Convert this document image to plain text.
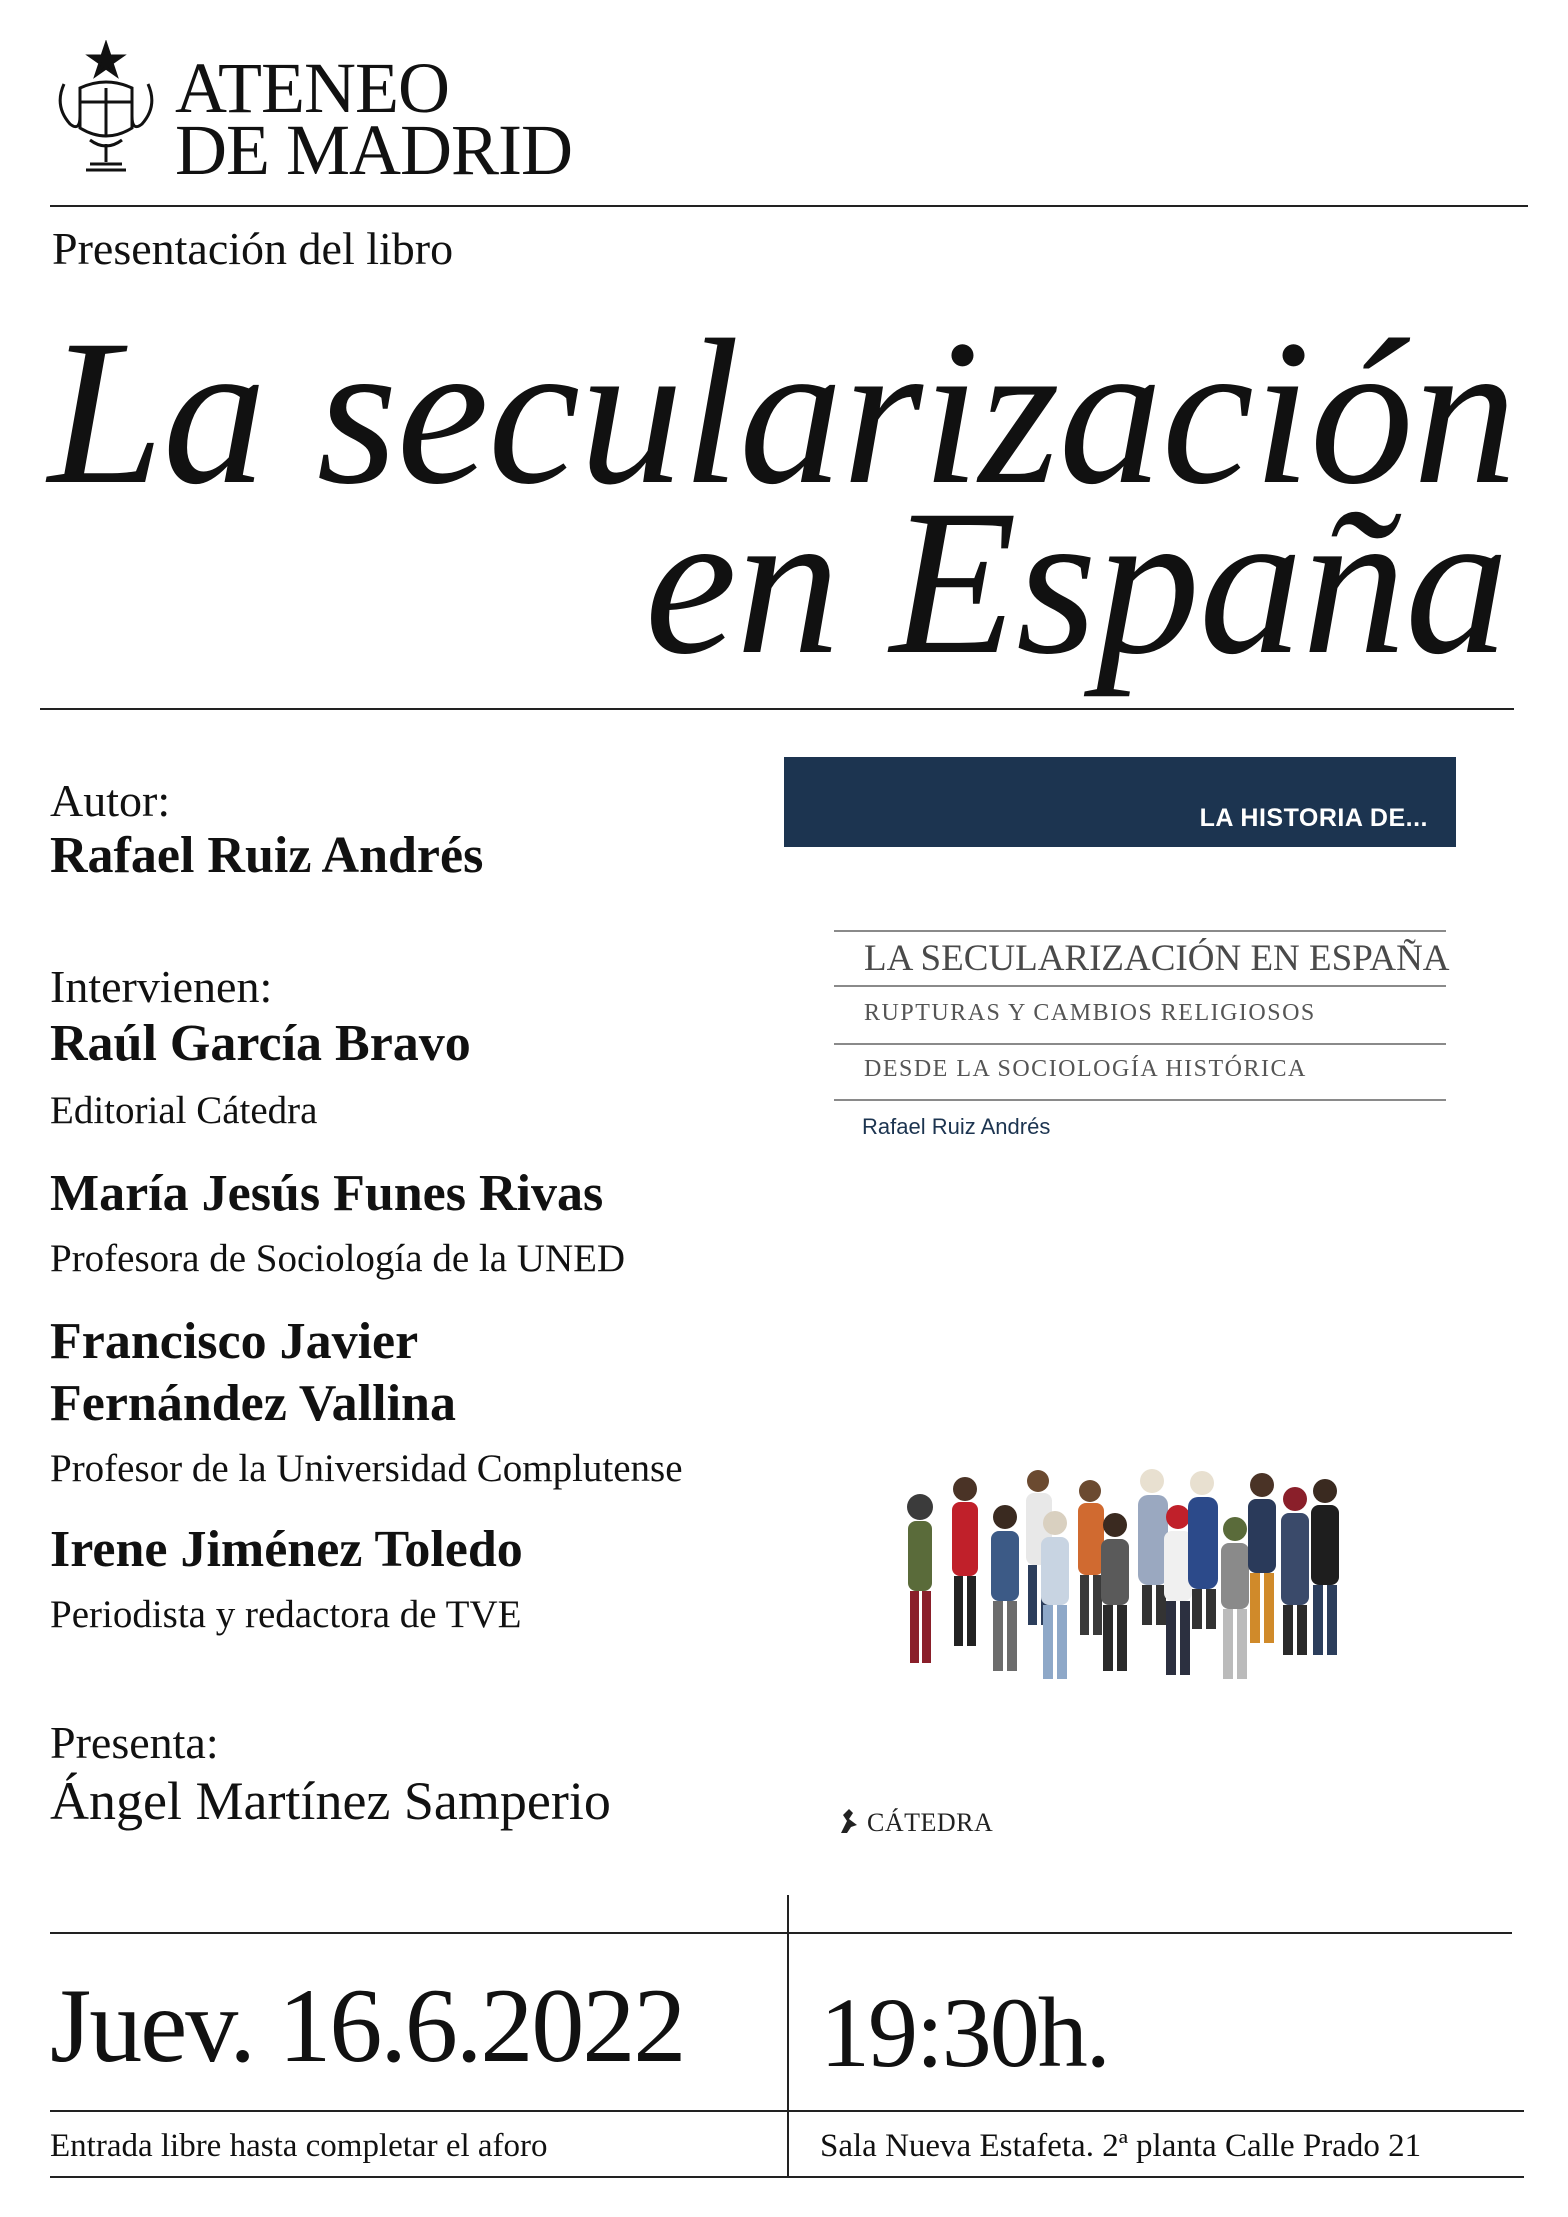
ATENEO
DE MADRID
Presentación del libro
La secularización
en España
Autor:
Rafael Ruiz Andrés
Intervienen:
Raúl García Bravo
Editorial Cátedra
María Jesús Funes Rivas
Profesora de Sociología de la UNED
Francisco Javier
Fernández Vallina
Profesor de la Universidad Complutense
Irene Jiménez Toledo
Periodista y redactora de TVE
Presenta:
Ángel Martínez Samperio
LA HISTORIA DE...
LA SECULARIZACIÓN EN ESPAÑA
RUPTURAS Y CAMBIOS RELIGIOSOS
DESDE LA SOCIOLOGÍA HISTÓRICA
Rafael Ruiz Andrés
CÁTEDRA
Juev. 16.6.2022 19:30h.
Entrada libre hasta completar el aforo	Sala Nueva Estafeta. 2ª planta Calle Prado 21
